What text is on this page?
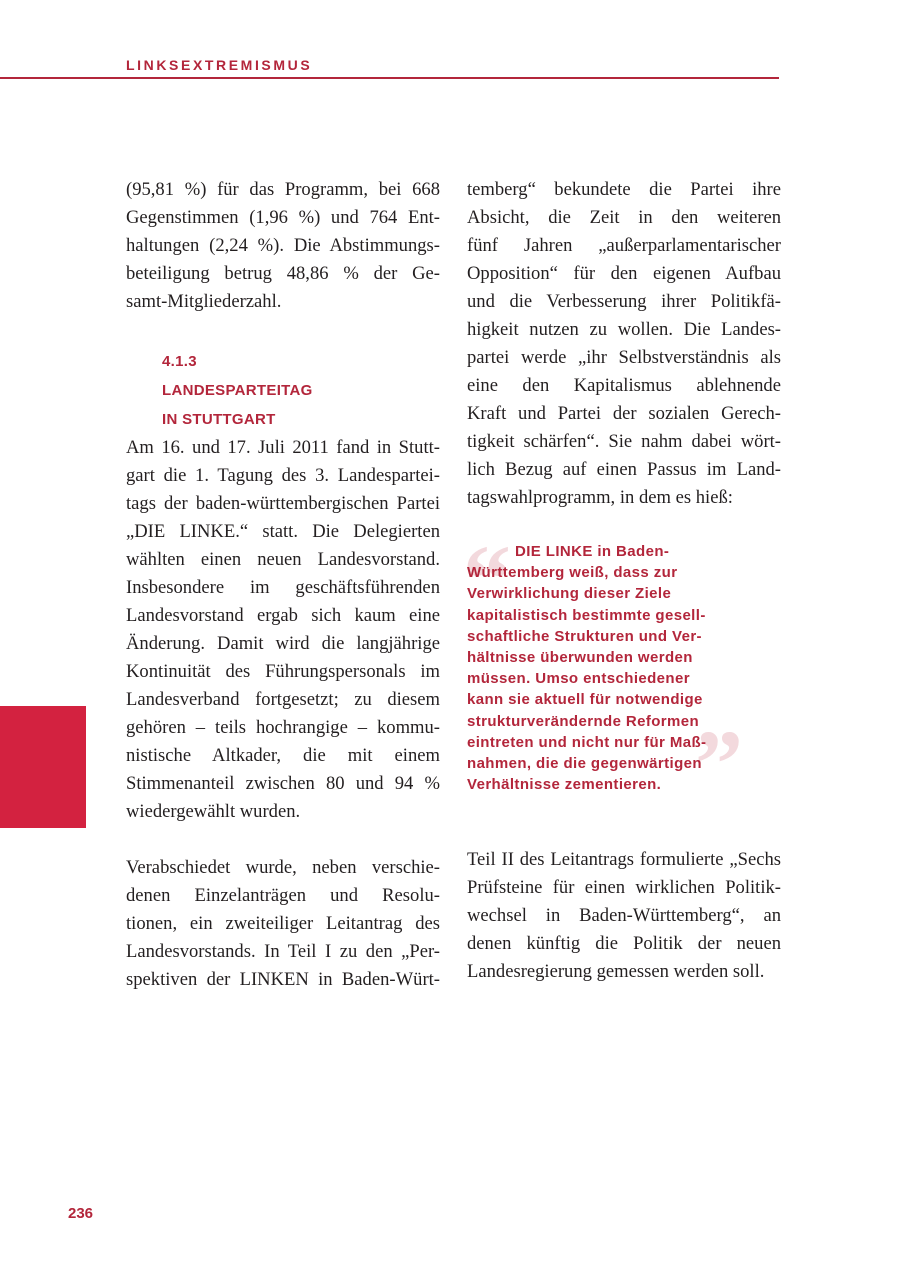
LINKSEXTREMISMUS

(95,81 %) für das Programm, bei 668
Gegenstimmen (1,96 %) und 764 Ent-
haltungen (2,24 %). Die Abstimmungs-
beteiligung betrug 48,86 % der Ge-
samt-Mitgliederzahl.

4.1.3

LANDESPARTEITAG

IN STUTTGART

Am 16. und 17. Juli 2011 fand in Stutt-
gart die 1. Tagung des 3. Landespartei-
tags der baden-württembergischen Partei
„DIE LINKE.“ statt. Die Delegierten
wählten einen neuen Landesvorstand.
Insbesondere im geschäftsführenden
Landesvorstand ergab sich kaum eine
Änderung. Damit wird die langjährige
Kontinuität des Führungspersonals im
Landesverband fortgesetzt; zu diesem
gehören – teils hochrangige – kommu-
nistische Altkader, die mit einem
Stimmenanteil zwischen 80 und 94 %
wiedergewählt wurden.

Verabschiedet wurde, neben verschie-
denen Einzelanträgen und Resolu-
tionen, ein zweiteiliger Leitantrag des
Landesvorstands. In Teil I zu den „Per-
spektiven der LINKEN in Baden-Würt-

temberg“ bekundete die Partei ihre
Absicht, die Zeit in den weiteren
fünf Jahren „außerparlamentarischer
Opposition“ für den eigenen Aufbau
und die Verbesserung ihrer Politikfä-
higkeit nutzen zu wollen. Die Landes-
partei werde „ihr Selbstverständnis als
eine den Kapitalismus ablehnende
Kraft und Partei der sozialen Gerech-
tigkeit schärfen“. Sie nahm dabei wört-
lich Bezug auf einen Passus im Land-
tagswahlprogramm, in dem es hieß:

“
”

DIE LINKE in Baden-
Württemberg weiß, dass zur
Verwirklichung dieser Ziele
kapitalistisch bestimmte gesell-
schaftliche Strukturen und Ver-
hältnisse überwunden werden
müssen. Umso entschiedener
kann sie aktuell für notwendige
strukturverändernde Reformen
eintreten und nicht nur für Maß-
nahmen, die die gegenwärtigen
Verhältnisse zementieren.

Teil II des Leitantrags formulierte „Sechs
Prüfsteine für einen wirklichen Politik-
wechsel in Baden-Württemberg“, an
denen künftig die Politik der neuen
Landesregierung gemessen werden soll.

236
